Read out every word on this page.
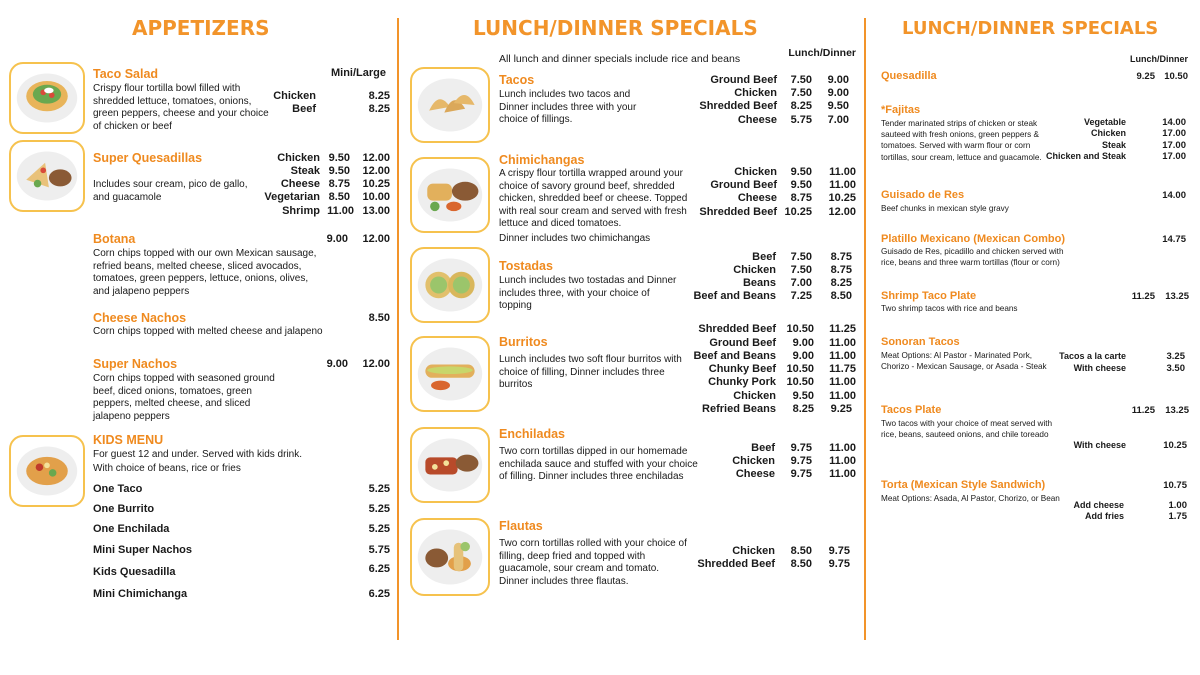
APPETIZERS
Mini/Large
Taco Salad
Crispy flour tortilla bowl filled with shredded lettuce, tomatoes, onions, green peppers, cheese and your choice of chicken or beef
Chicken	8.25
Beef	8.25
Super Quesadillas
Includes sour cream, pico de gallo, and guacamole
Chicken 9.50	12.00
Steak 9.50	12.00
Cheese 8.75	10.25
Vegetarian 8.50	10.00
Shrimp 11.00 13.00
Botana	9.00	12.00
Corn chips topped with our own Mexican sausage, refried beans, melted cheese, sliced avocados, tomatoes, green peppers, lettuce, onions, olives, and jalapeno peppers
Cheese Nachos	8.50
Corn chips topped with melted cheese and jalapeno
Super Nachos	9.00	12.00
Corn chips topped with seasoned ground beef, diced onions, tomatoes, green peppers, melted cheese, and sliced jalapeno peppers
KIDS MENU
For guest 12 and under. Served with kids drink.
With choice of beans, rice or fries
One Taco	5.25
One Burrito	5.25
One Enchilada	5.25
Mini Super Nachos	5.75
Kids Quesadilla	6.25
Mini Chimichanga	6.25
LUNCH/DINNER SPECIALS
All lunch and dinner specials include rice and beans	Lunch/Dinner
Tacos
Lunch includes two tacos and Dinner includes three with your choice of fillings.
Ground Beef	7.50	9.00
Chicken	7.50	9.00
Shredded Beef	8.25	9.50
Cheese	5.75	7.00
Chimichangas
A crispy flour tortilla wrapped around your choice of savory ground beef, shredded chicken, shredded beef or cheese. Topped with real sour cream and served with fresh lettuce and diced tomatoes.
Dinner includes two chimichangas
Chicken	9.50	11.00
Ground Beef	9.50	11.00
Cheese	8.75	10.25
Shredded Beef 10.25	12.00
Tostadas
Lunch includes two tostadas and Dinner includes three, with your choice of topping
Beef	7.50	8.75
Chicken	7.50	8.75
Beans	7.00	8.25
Beef and Beans	7.25	8.50
Burritos
Lunch includes two soft flour burritos with choice of filling, Dinner includes three burritos
Shredded Beef 10.50	11.25
Ground Beef	9.00	11.00
Beef and Beans	9.00	11.00
Chunky Beef 10.50	11.75
Chunky Pork 10.50	11.00
Chicken	9.50	11.00
Refried Beans	8.25	9.25
Enchiladas
Two corn tortillas dipped in our homemade enchilada sauce and stuffed with your choice of filling. Dinner includes three enchiladas
Beef	9.75	11.00
Chicken	9.75	11.00
Cheese	9.75	11.00
Flautas
Two corn tortillas rolled with your choice of filling, deep fried and topped with guacamole, sour cream and tomato. Dinner includes three flautas.
Chicken	8.50	9.75
Shredded Beef	8.50	9.75
LUNCH/DINNER SPECIALS
Lunch/Dinner
Quesadilla	9.25 10.50
*Fajitas
Tender marinated strips of chicken or steak sauteed with fresh onions, green peppers & tomatoes. Served with warm flour or corn tortillas, sour cream, lettuce and guacamole.
Vegetable	14.00
Chicken	17.00
Steak	17.00
Chicken and Steak	17.00
Guisado de Res	14.00
Beef chunks in mexican style gravy
Platillo Mexicano (Mexican Combo)	14.75
Guisado de Res, picadillo and chicken served with rice, beans and three warm tortillas (flour or corn)
Shrimp Taco Plate	11.25	13.25
Two shrimp tacos with rice and beans
Sonoran Tacos
Meat Options: Al Pastor - Marinated Pork, Chorizo - Mexican Sausage, or Asada - Steak
Tacos a la carte	3.25
With cheese	3.50
Tacos Plate	11.25	13.25
Two tacos with your choice of meat served with rice, beans, sauteed onions, and chile toreado
With cheese	10.25
Torta (Mexican Style Sandwich)	10.75
Meat Options: Asada, Al Pastor, Chorizo, or Bean
Add cheese	1.00
Add fries	1.75
